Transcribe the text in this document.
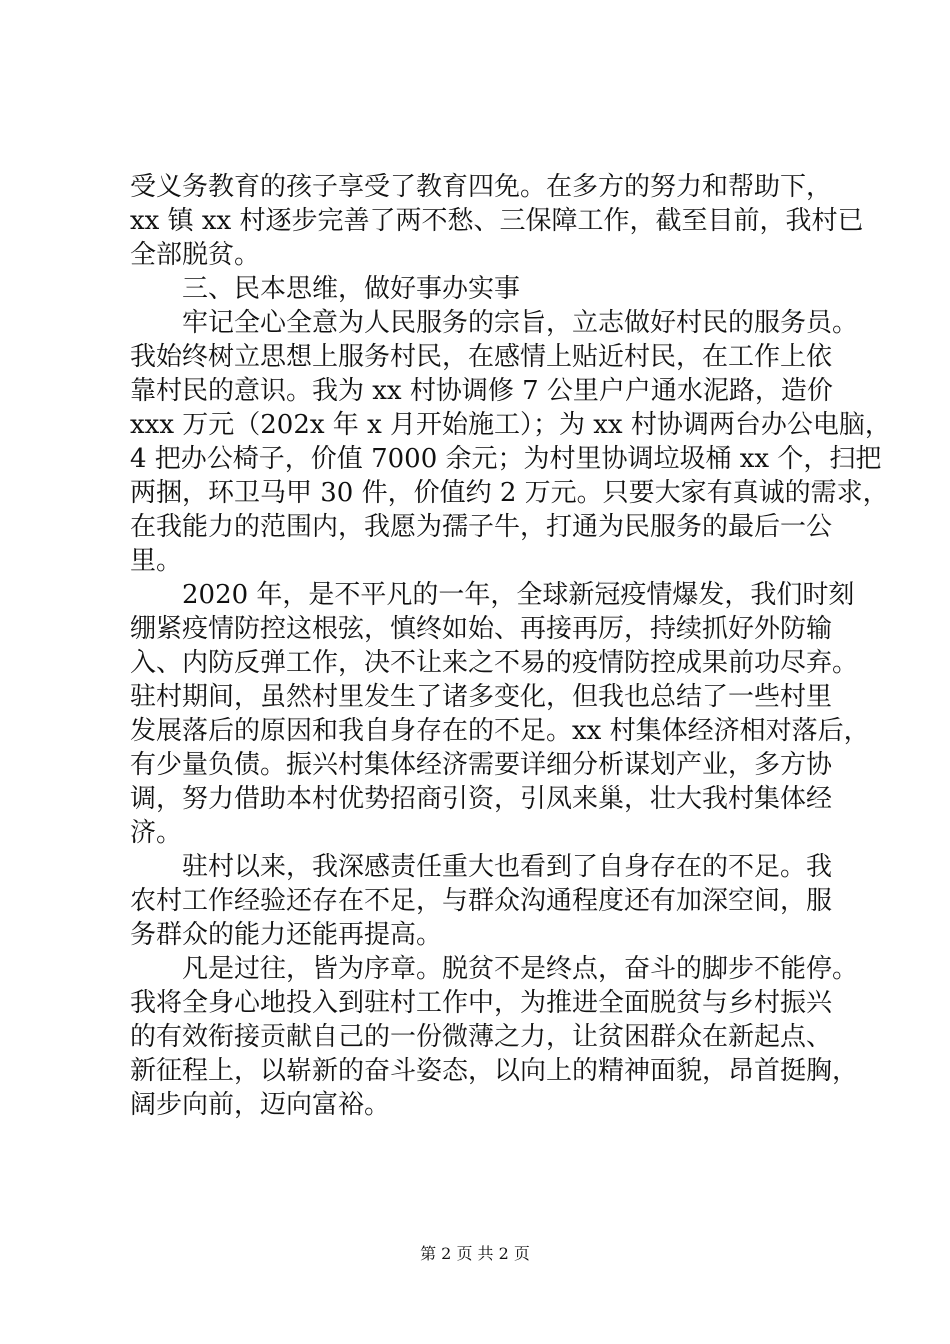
受义务教育的孩子享受了教育四免。在多方的努力和帮助下，
xx 镇 xx 村逐步完善了两不愁、三保障工作，截至目前，我村已
全部脱贫。
三、民本思维，做好事办实事
牢记全心全意为人民服务的宗旨，立志做好村民的服务员。
我始终树立思想上服务村民，在感情上贴近村民，在工作上依
靠村民的意识。我为 xx 村协调修 7 公里户户通水泥路，造价
xxx 万元（202x 年 x 月开始施工）；为 xx 村协调两台办公电脑，
4 把办公椅子，价值 7000 余元；为村里协调垃圾桶 xx 个，扫把
两捆，环卫马甲 30 件，价值约 2 万元。只要大家有真诚的需求，
在我能力的范围内，我愿为孺子牛，打通为民服务的最后一公
里。
2020 年，是不平凡的一年，全球新冠疫情爆发，我们时刻
绷紧疫情防控这根弦，慎终如始、再接再厉，持续抓好外防输
入、内防反弹工作，决不让来之不易的疫情防控成果前功尽弃。
驻村期间，虽然村里发生了诸多变化，但我也总结了一些村里
发展落后的原因和我自身存在的不足。xx 村集体经济相对落后，
有少量负债。振兴村集体经济需要详细分析谋划产业，多方协
调，努力借助本村优势招商引资，引凤来巢，壮大我村集体经
济。
驻村以来，我深感责任重大也看到了自身存在的不足。我
农村工作经验还存在不足，与群众沟通程度还有加深空间，服
务群众的能力还能再提高。
凡是过往，皆为序章。脱贫不是终点，奋斗的脚步不能停。
我将全身心地投入到驻村工作中，为推进全面脱贫与乡村振兴
的有效衔接贡献自己的一份微薄之力，让贫困群众在新起点、
新征程上，以崭新的奋斗姿态，以向上的精神面貌，昂首挺胸，
阔步向前，迈向富裕。
第 2 页 共 2 页
